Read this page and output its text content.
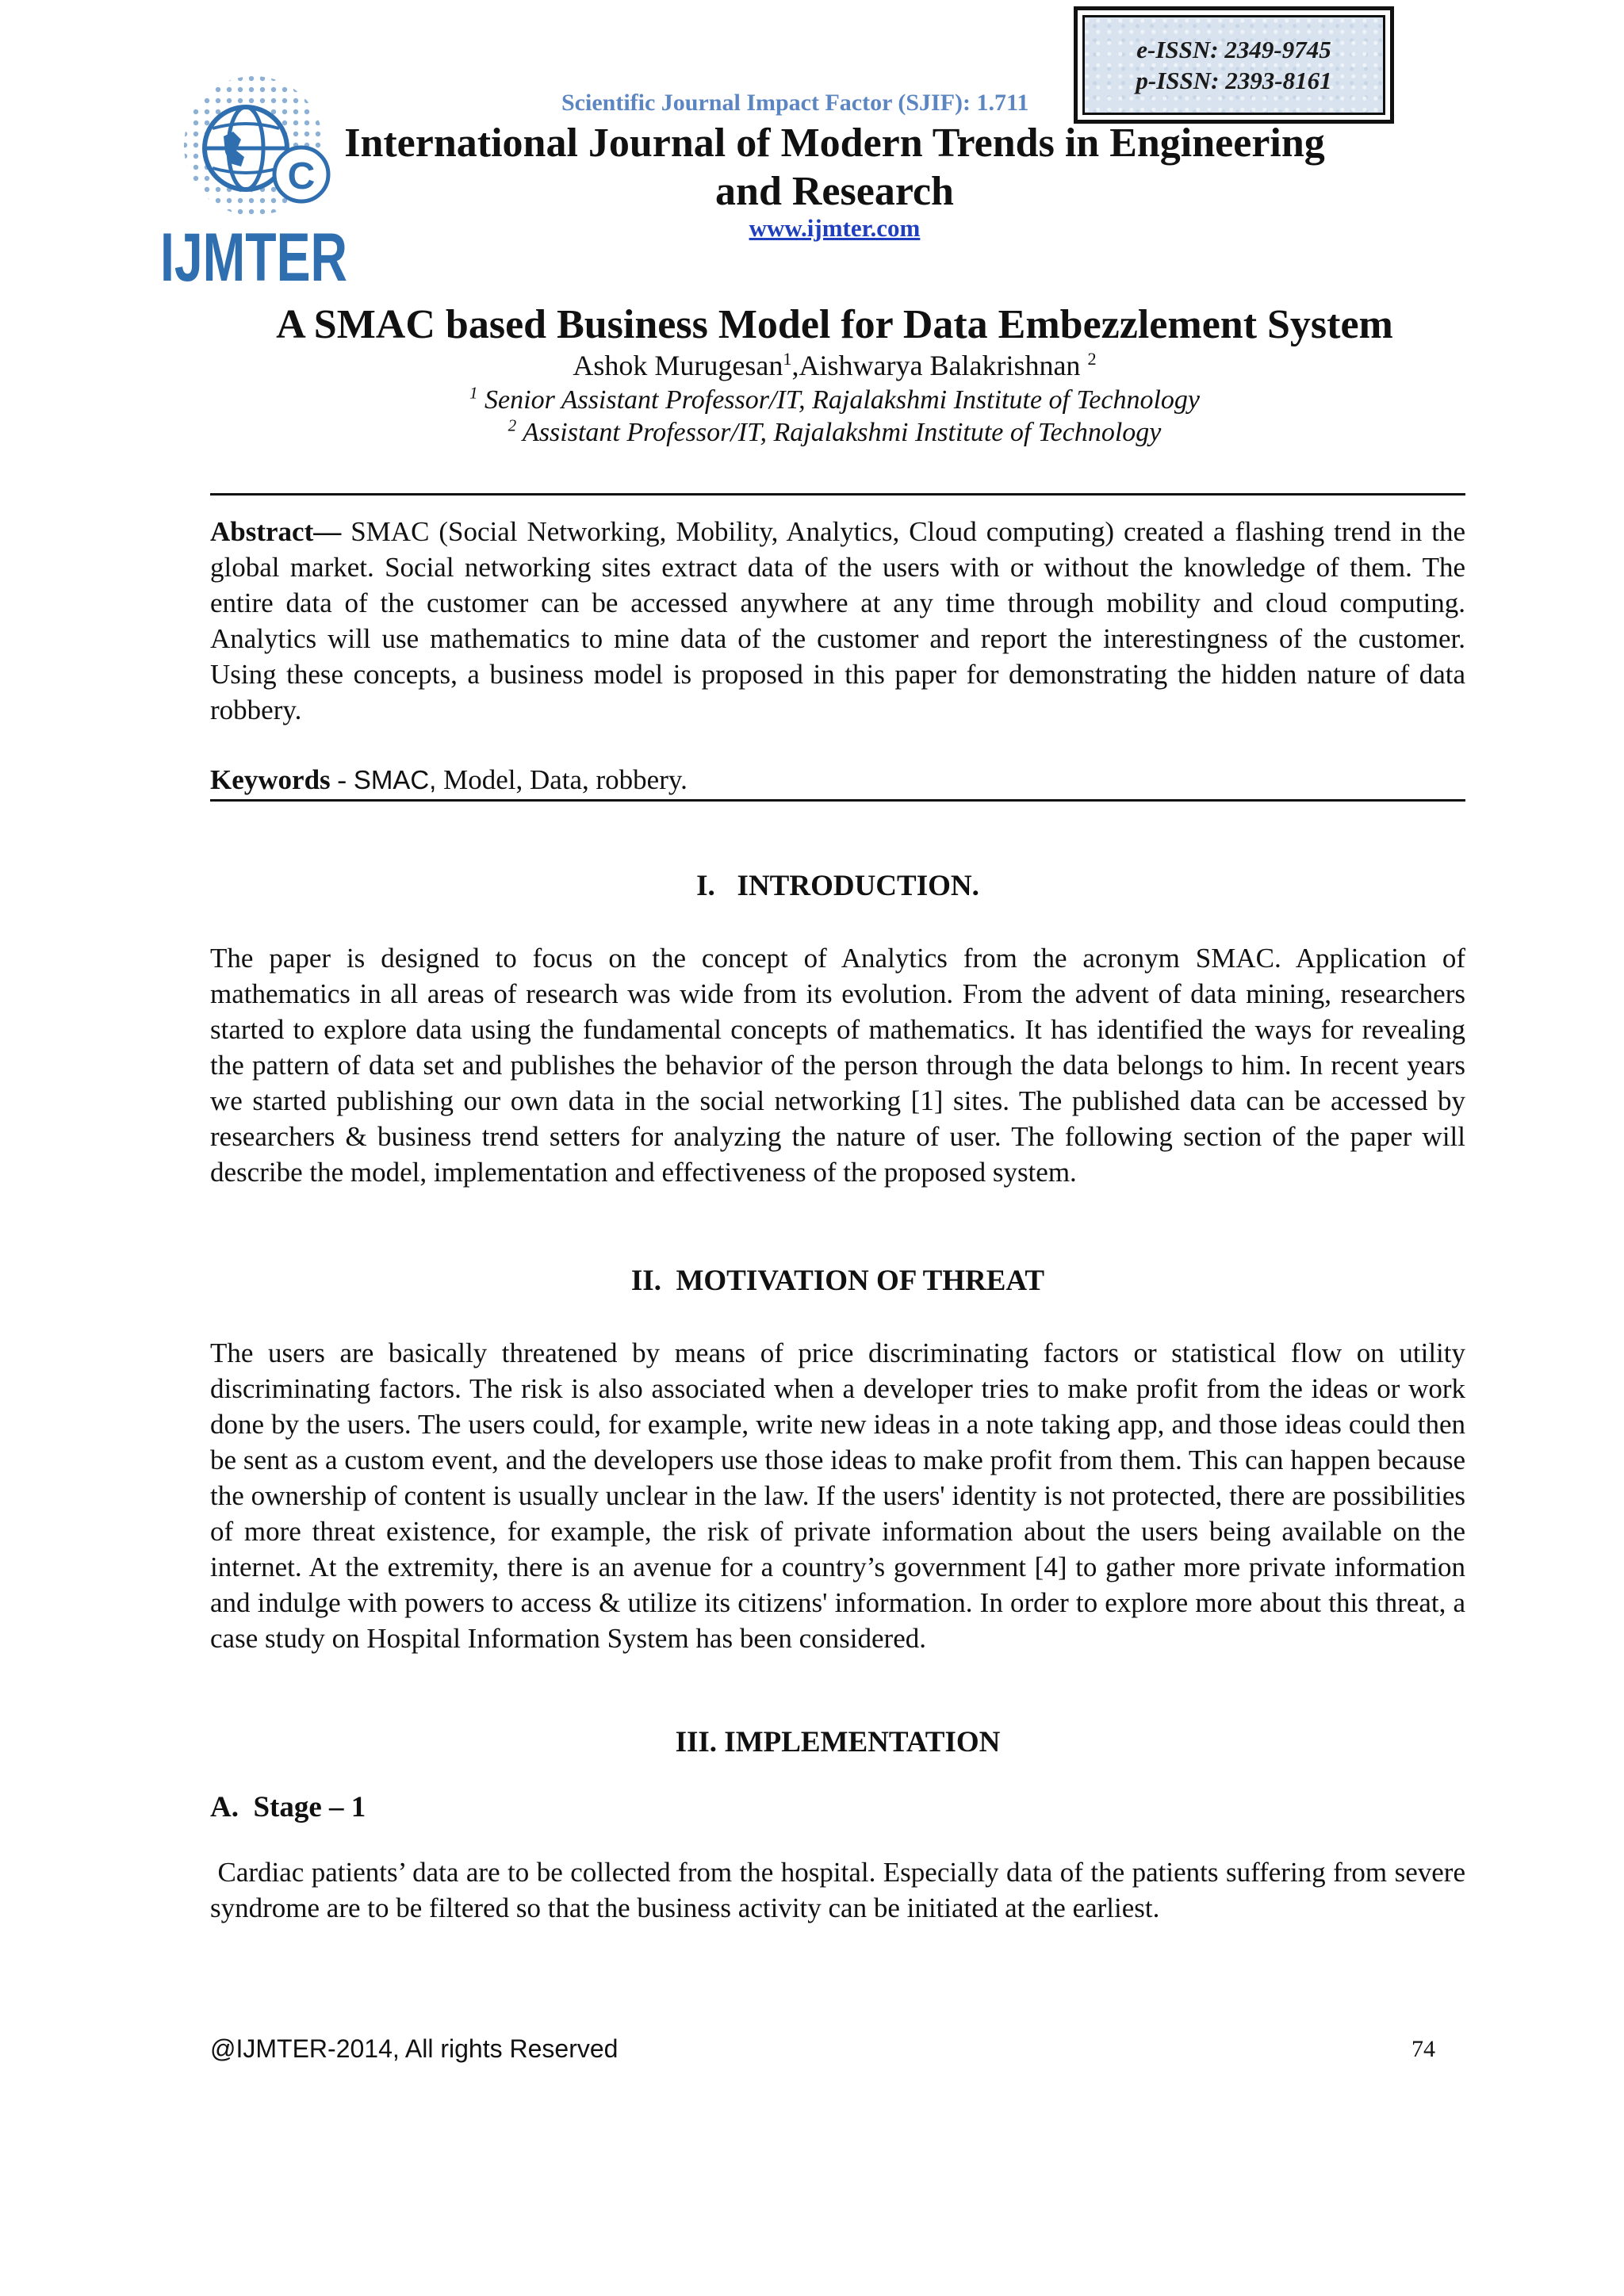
C
IJMTER
e-ISSN: 2349-9745
p-ISSN: 2393-8161
Scientific Journal Impact Factor (SJIF): 1.711
International Journal of Modern Trends in Engineering
and Research
www.ijmter.com
A SMAC based Business Model for Data Embezzlement System
Ashok Murugesan$^1$,Aishwarya Balakrishnan $^2$
$^1$ Senior Assistant Professor/IT, Rajalakshmi Institute of Technology
$^2$ Assistant Professor/IT, Rajalakshmi Institute of Technology
Abstract— SMAC (Social Networking, Mobility, Analytics, Cloud computing) created a flashing trend in the global market. Social networking sites extract data of the users with or without the knowledge of them. The entire data of the customer can be accessed anywhere at any time through mobility and cloud computing. Analytics will use mathematics to mine data of the customer and report the interestingness of the customer. Using these concepts, a business model is proposed in this paper for demonstrating the hidden nature of data robbery.
Keywords - SMAC, Model, Data, robbery.
I.   INTRODUCTION.

The paper is designed to focus on the concept of Analytics from the acronym SMAC. Application of mathematics in all areas of research was wide from its evolution. From the advent of data mining, researchers started to explore data using the fundamental concepts of mathematics. It has identified the ways for revealing the pattern of data set and publishes the behavior of the person through the data belongs to him. In recent years we started publishing our own data in the social networking [1] sites. The published data can be accessed by researchers & business trend setters for analyzing the nature of user. The following section of the paper will describe the model, implementation and effectiveness of the proposed system.

II.  MOTIVATION OF THREAT

The users are basically threatened by means of price discriminating factors or statistical flow on utility discriminating factors. The risk is also associated when a developer tries to make profit from the ideas or work done by the users. The users could, for example, write new ideas in a note taking app, and those ideas could then be sent as a custom event, and the developers use those ideas to make profit from them. This can happen because the ownership of content is usually unclear in the law. If the users' identity is not protected, there are possibilities of more threat existence, for example, the risk of private information about the users being available on the internet. At the extremity, there is an avenue for a country’s government [4] to gather more private information and indulge with powers to access & utilize its citizens' information. In order to explore more about this threat, a case study on Hospital Information System has been considered.

III. IMPLEMENTATION
A.  Stage – 1

Cardiac patients’ data are to be collected from the hospital. Especially data of the patients suffering from severe syndrome are to be filtered so that the business activity can be initiated at the earliest.

@IJMTER-2014, All rights Reserved	74
